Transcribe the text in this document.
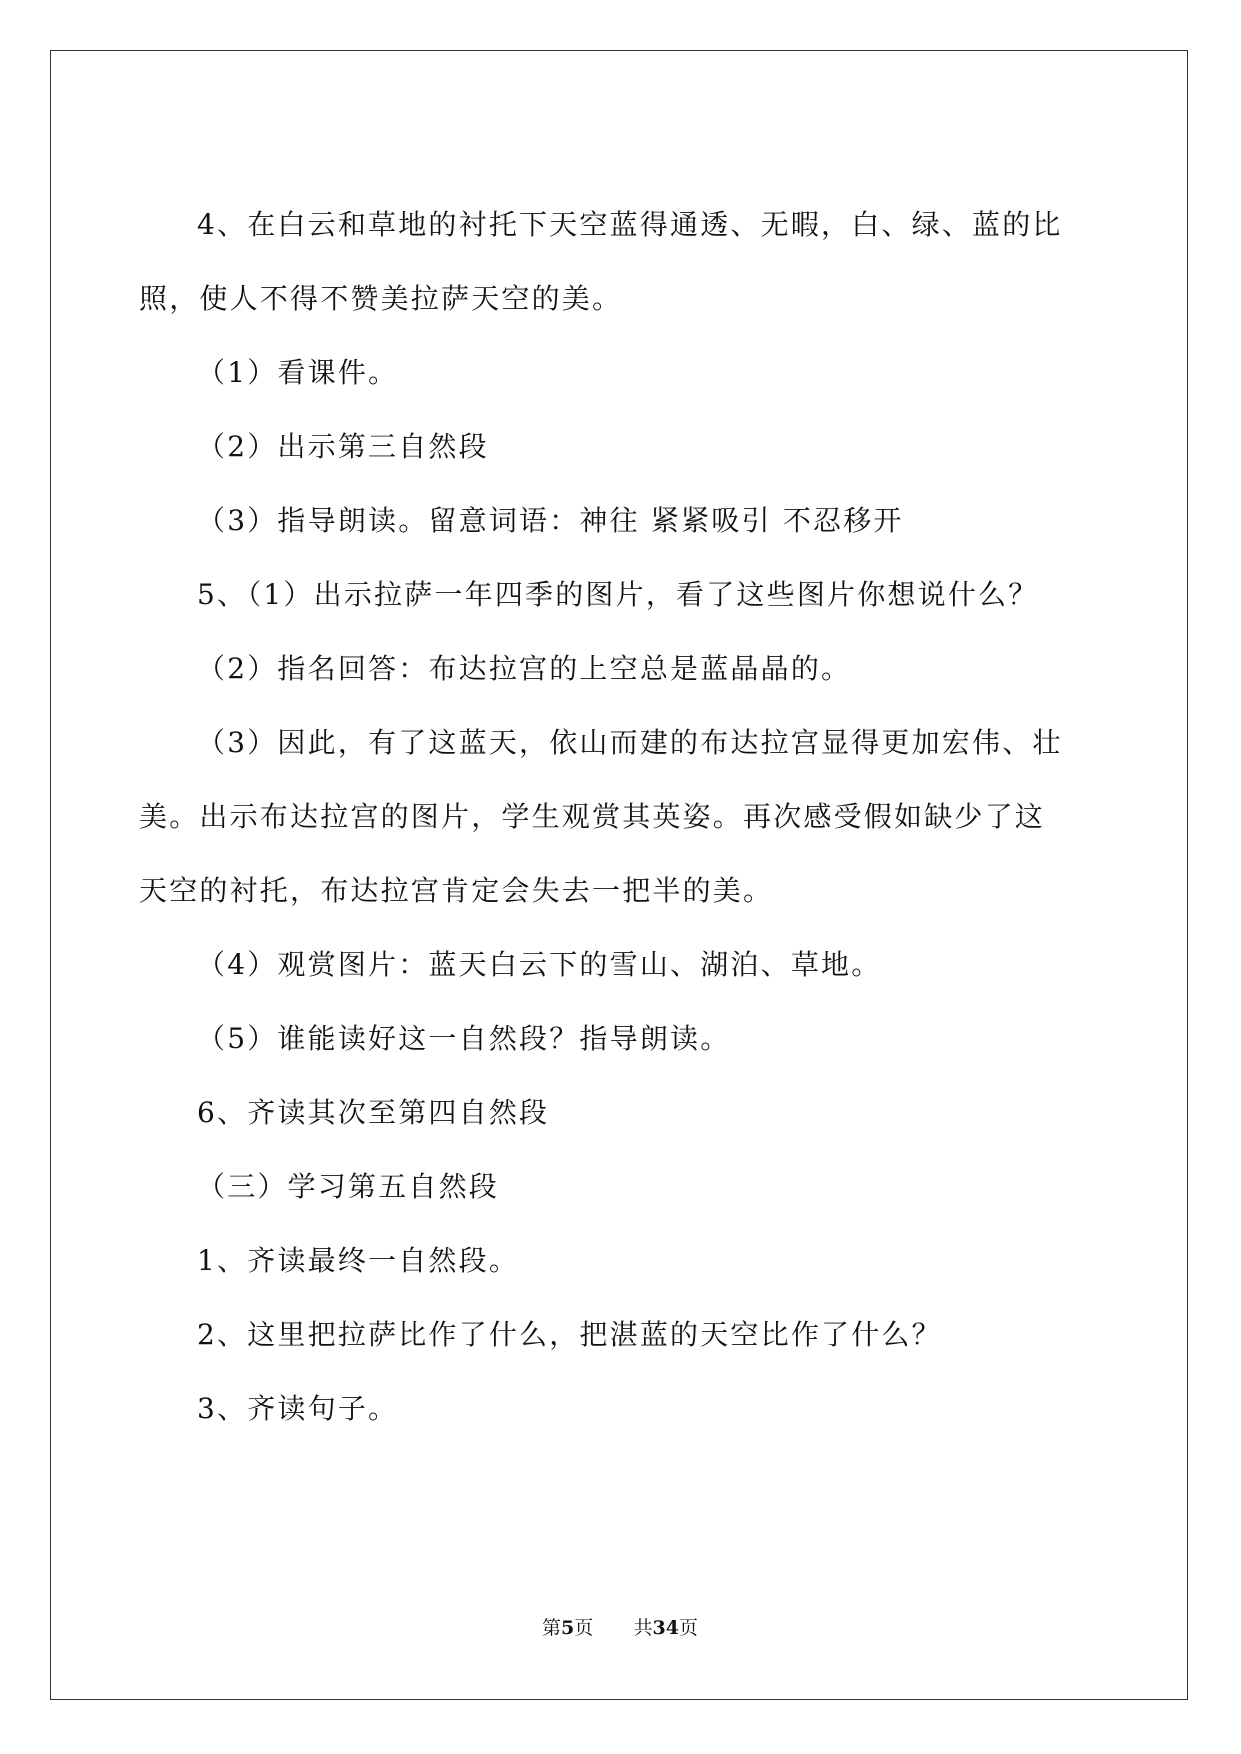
4、在白云和草地的衬托下天空蓝得通透、无暇，白、绿、蓝的比
照，使人不得不赞美拉萨天空的美。
（1）看课件。
（2）出示第三自然段
（3）指导朗读。留意词语：神往 紧紧吸引 不忍移开
5、（1）出示拉萨一年四季的图片，看了这些图片你想说什么？
（2）指名回答：布达拉宫的上空总是蓝晶晶的。
（3）因此，有了这蓝天，依山而建的布达拉宫显得更加宏伟、壮
美。出示布达拉宫的图片，学生观赏其英姿。再次感受假如缺少了这
天空的衬托，布达拉宫肯定会失去一把半的美。
（4）观赏图片：蓝天白云下的雪山、湖泊、草地。
（5）谁能读好这一自然段？指导朗读。
6、齐读其次至第四自然段
（三）学习第五自然段
1、齐读最终一自然段。
2、这里把拉萨比作了什么，把湛蓝的天空比作了什么？
3、齐读句子。
第5页 共34页
